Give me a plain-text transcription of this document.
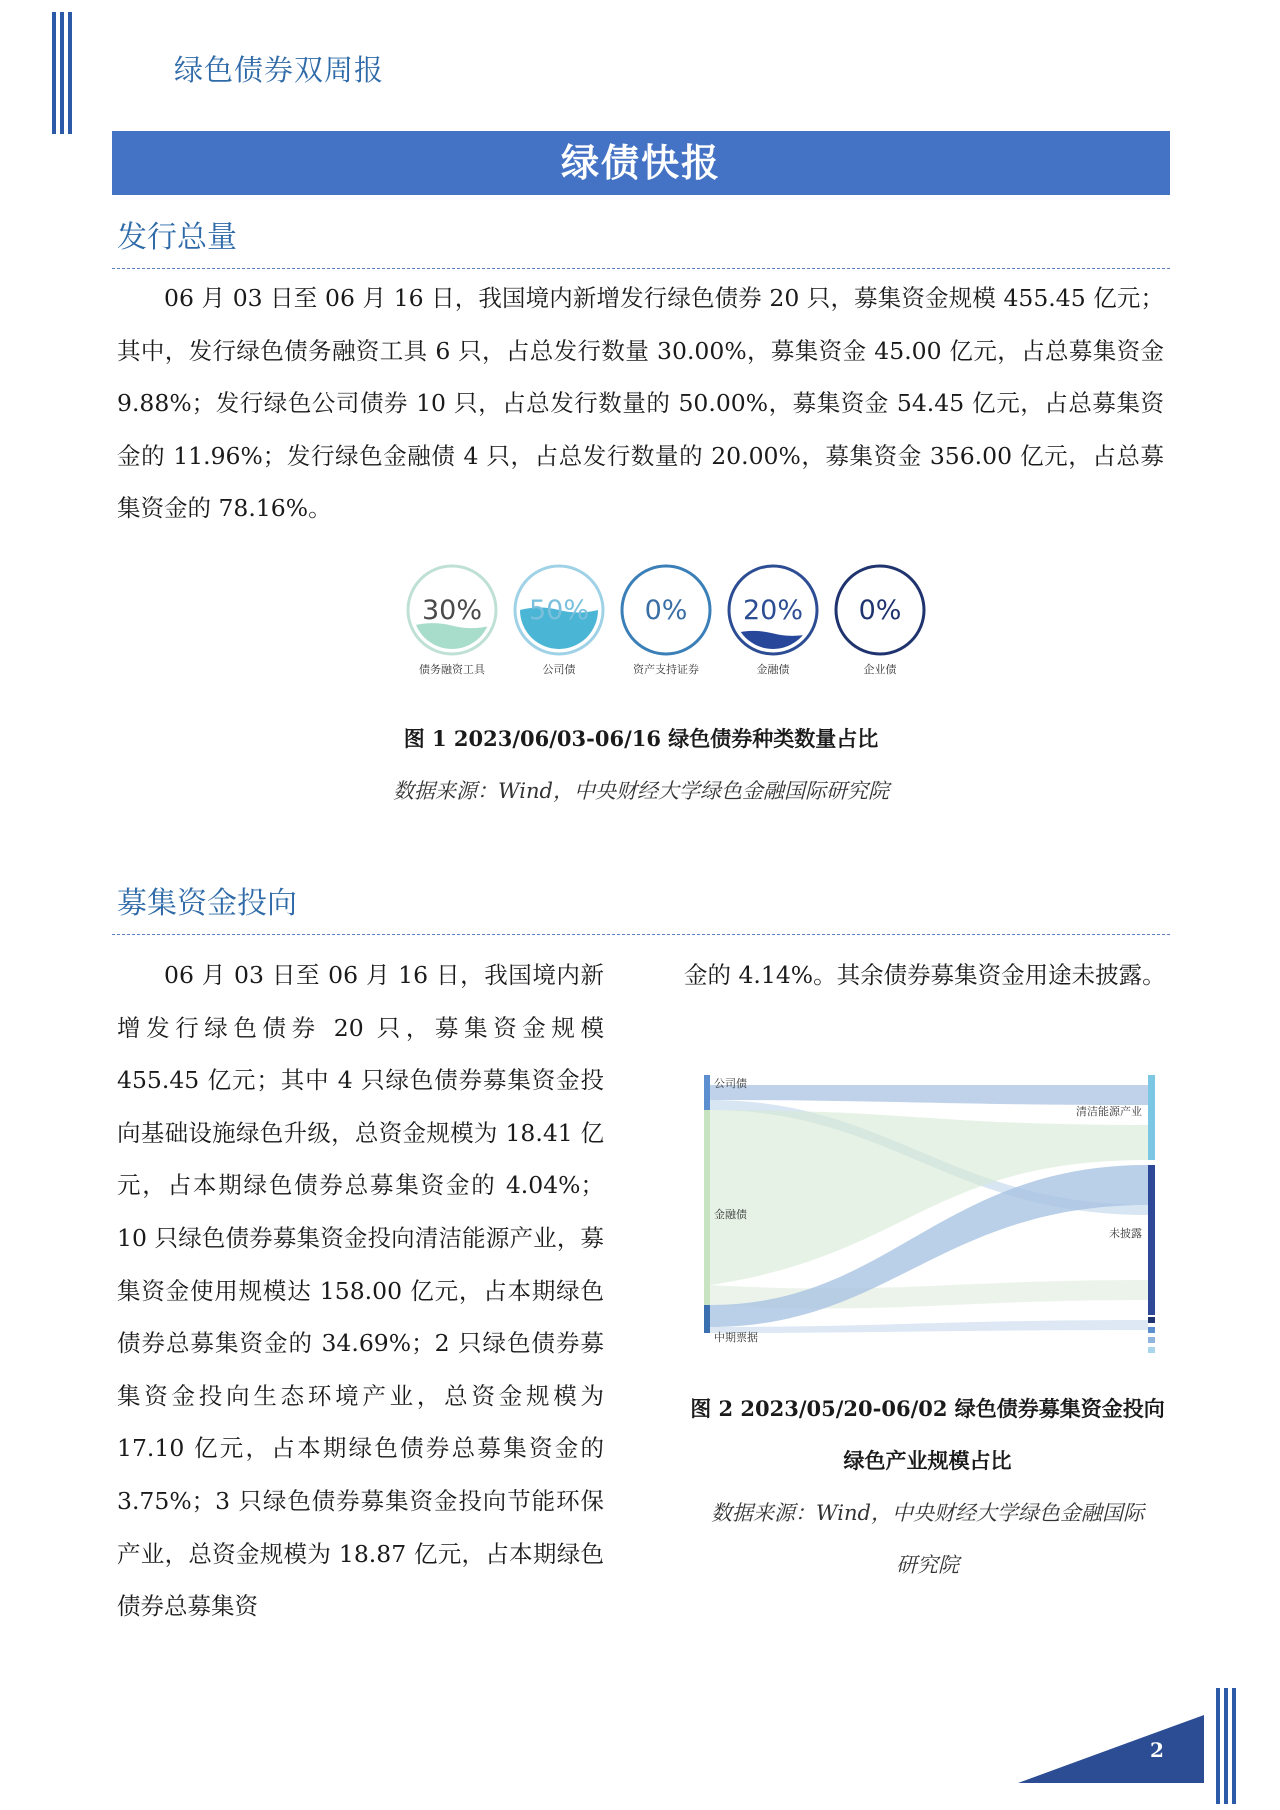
绿色债券双周报
绿债快报
发行总量
06 月 03 日至 06 月 16 日，我国境内新增发行绿色债券 20 只，募集资金规模 455.45 亿元；其中，发行绿色债务融资工具 6 只，占总发行数量 30.00%，募集资金 45.00 亿元，占总募集资金 9.88%；发行绿色公司债券 10 只，占总发行数量的 50.00%，募集资金 54.45 亿元，占总募集资金的 11.96%；发行绿色金融债 4 只，占总发行数量的 20.00%，募集资金 356.00 亿元，占总募集资金的 78.16%。
30%
债务融资工具
50%
公司债
0%
资产支持证券
20%
金融债
0%
企业债
图 1 2023/06/03-06/16 绿色债券种类数量占比
数据来源：Wind，中央财经大学绿色金融国际研究院
募集资金投向
06 月 03 日至 06 月 16 日，我国境内新增发行绿色债券 20 只，募集资金规模 455.45 亿元；其中 4 只绿色债券募集资金投向基础设施绿色升级，总资金规模为 18.41 亿元，占本期绿色债券总募集资金的 4.04%；10 只绿色债券募集资金投向清洁能源产业，募集资金使用规模达 158.00 亿元，占本期绿色债券总募集资金的 34.69%；2 只绿色债券募集资金投向生态环境产业，总资金规模为 17.10 亿元，占本期绿色债券总募集资金的 3.75%；3 只绿色债券募集资金投向节能环保产业，总资金规模为 18.87 亿元，占本期绿色债券总募集资
金的 4.14%。其余债券募集资金用途未披露。
公司债
金融债
中期票据
清洁能源产业
未披露
图 2 2023/05/20-06/02 绿色债券募集资金投向
绿色产业规模占比
数据来源：Wind，中央财经大学绿色金融国际
研究院
2
